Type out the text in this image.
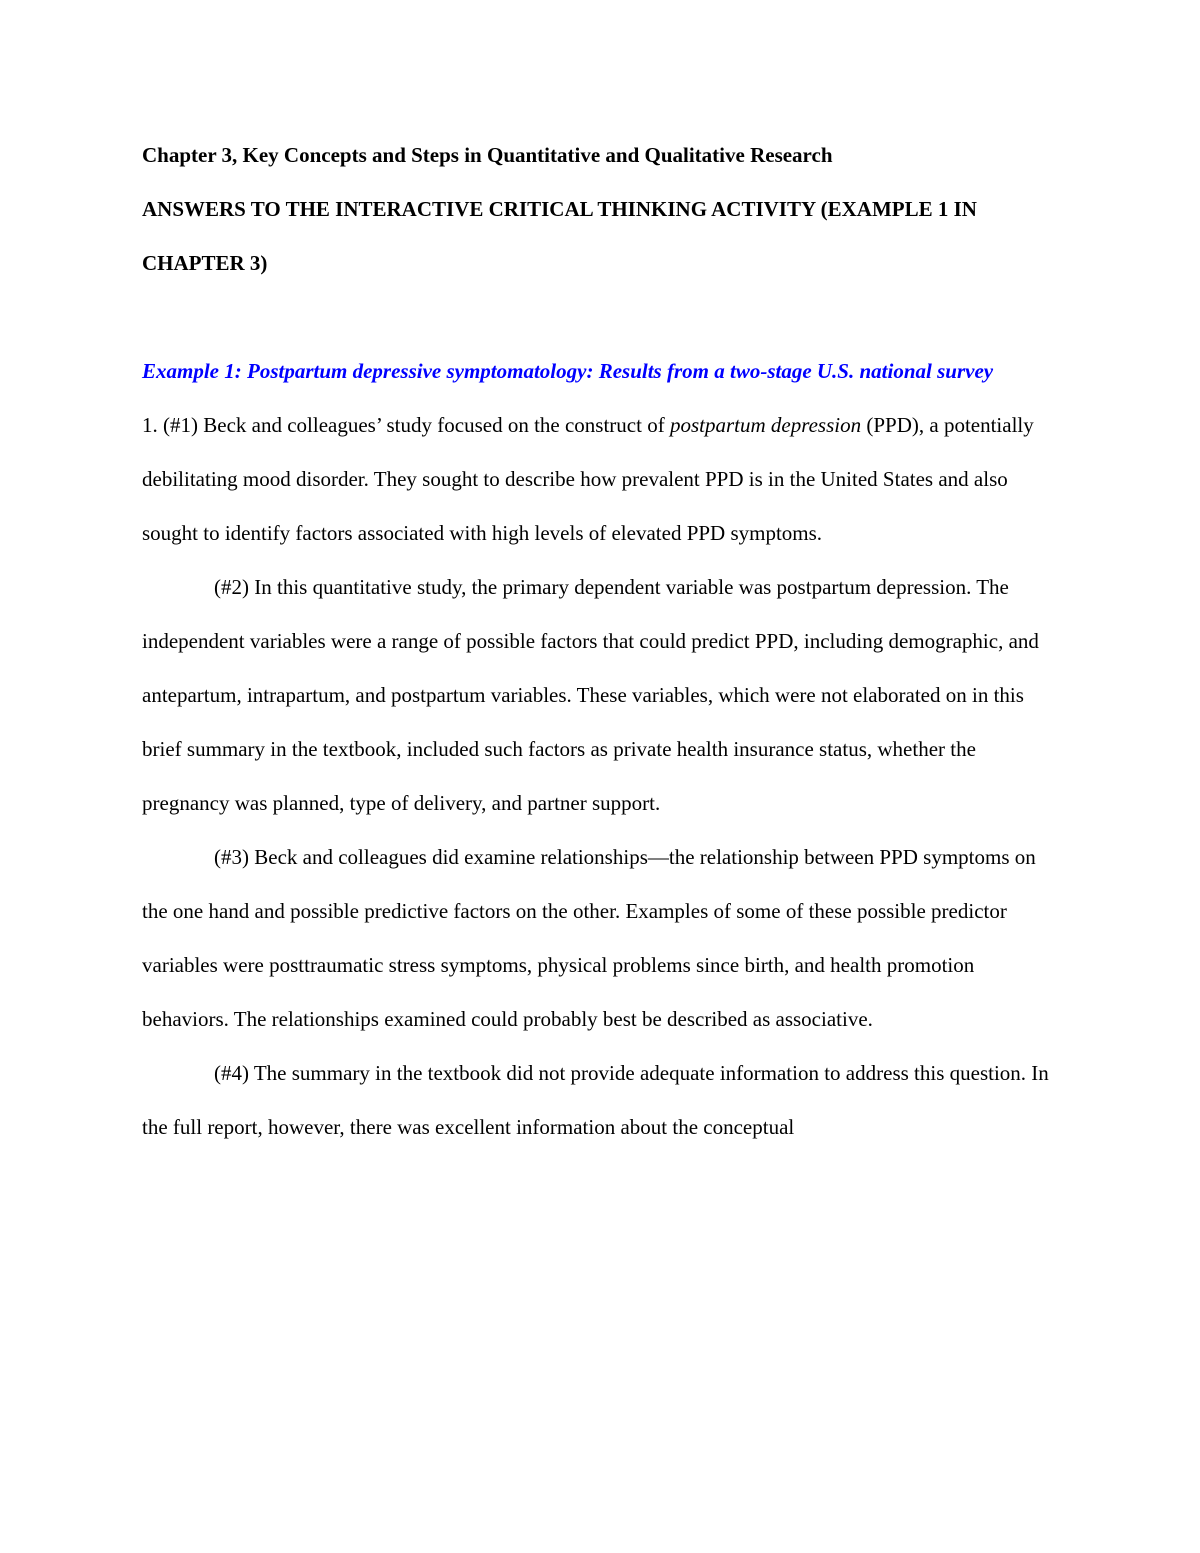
Chapter 3, Key Concepts and Steps in Quantitative and Qualitative Research

ANSWERS TO THE INTERACTIVE CRITICAL THINKING ACTIVITY (EXAMPLE 1 IN CHAPTER 3)

Example 1: Postpartum depressive symptomatology: Results from a two-stage U.S. national survey

1. (#1) Beck and colleagues’ study focused on the construct of postpartum depression (PPD), a potentially debilitating mood disorder. They sought to describe how prevalent PPD is in the United States and also sought to identify factors associated with high levels of elevated PPD symptoms.

(#2) In this quantitative study, the primary dependent variable was postpartum depression. The independent variables were a range of possible factors that could predict PPD, including demographic, and antepartum, intrapartum, and postpartum variables. These variables, which were not elaborated on in this brief summary in the textbook, included such factors as private health insurance status, whether the pregnancy was planned, type of delivery, and partner support.

(#3) Beck and colleagues did examine relationships—the relationship between PPD symptoms on the one hand and possible predictive factors on the other. Examples of some of these possible predictor variables were posttraumatic stress symptoms, physical problems since birth, and health promotion behaviors. The relationships examined could probably best be described as associative.

(#4) The summary in the textbook did not provide adequate information to address this question. In the full report, however, there was excellent information about the conceptual
